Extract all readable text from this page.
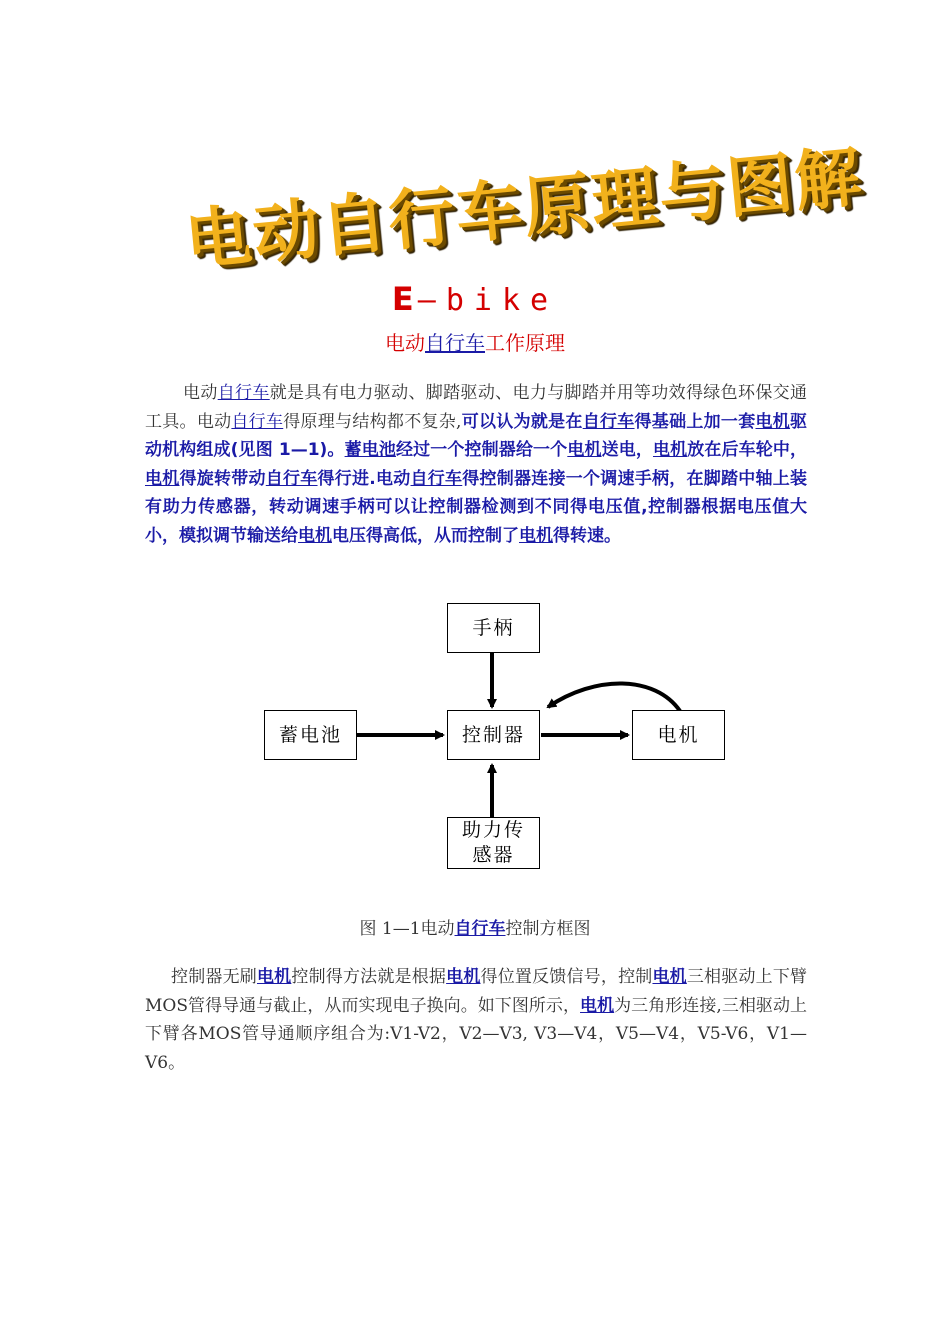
电动自行车原理与图解
E—bike
电动自行车工作原理

电动自行车就是具有电力驱动、脚踏驱动、电力与脚踏并用等功效得绿色环保交通工具。电动自行车得原理与结构都不复杂,可以认为就是在自行车得基础上加一套电机驱动机构组成(见图 1—1)。蓄电池经过一个控制器给一个电机送电，电机放在后车轮中，电机得旋转带动自行车得行进.电动自行车得控制器连接一个调速手柄，在脚踏中轴上装有助力传感器，转动调速手柄可以让控制器检测到不同得电压值,控制器根据电压值大小，模拟调节输送给电机电压得高低，从而控制了电机得转速。

手柄
蓄电池	控制器	电机
助力传感器
图 1—1电动自行车控制方框图

控制器无刷电机控制得方法就是根据电机得位置反馈信号，控制电机三相驱动上下臂MOS管得导通与截止，从而实现电子换向。如下图所示，电机为三角形连接,三相驱动上下臂各MOS管导通顺序组合为:V1-V2，V2—V3, V3—V4，V5—V4，V5-V6，V1—V6。
